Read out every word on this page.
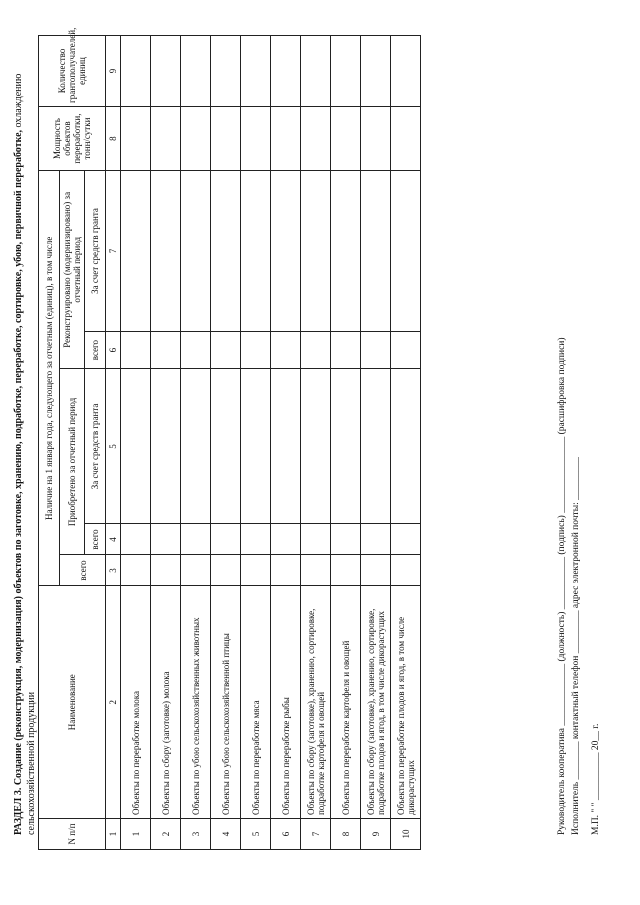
РАЗДЕЛ 3. Создание (реконструкция, модернизация) объектов по заготовке, хранению, подработке, переработке, сортировке, убою, первичной переработке, охлаждению сельскохозяйственной продукции	N п/п	Наименование	Наличие на 1 января года, следующего за отчетным (единиц), в том числе					Мощность объектов переработки, тонн/сутки	Количество грантополучателей, единиц
		всего	Приобретено за отчетный период		Реконструировано (модернизировано) за отчетный период			
			всего	За счет средств гранта	всего	За счет средств гранта		
1	2	3	4	5	6	7	8	9
1	Объекты по переработке молока							
2	Объекты по сбору (заготовке) молока							
3	Объекты по убою сельскохозяйственных животных							
4	Объекты по убою сельскохозяйственной птицы							
5	Объекты по переработке мяса							
6	Объекты по переработке рыбы							
7	Объекты по сбору (заготовке), хранению, сортировке, подработке картофеля и овощей							
8	Объекты по переработке картофеля и овощей							
9	Объекты по сбору (заготовке), хранению, сортировке, подработке плодов и ягод, в том числе дикорастущих							
10	Объекты по переработке плодов и ягод, в том числе дикорастущих								Руководитель кооператива _____________ (должность) ___________ (подпись) ________________ (расшифровка подписи) Исполнитель ________ контактный телефон _________ адрес электронной почты: _________ М.П. " " __________ 20__ г.
